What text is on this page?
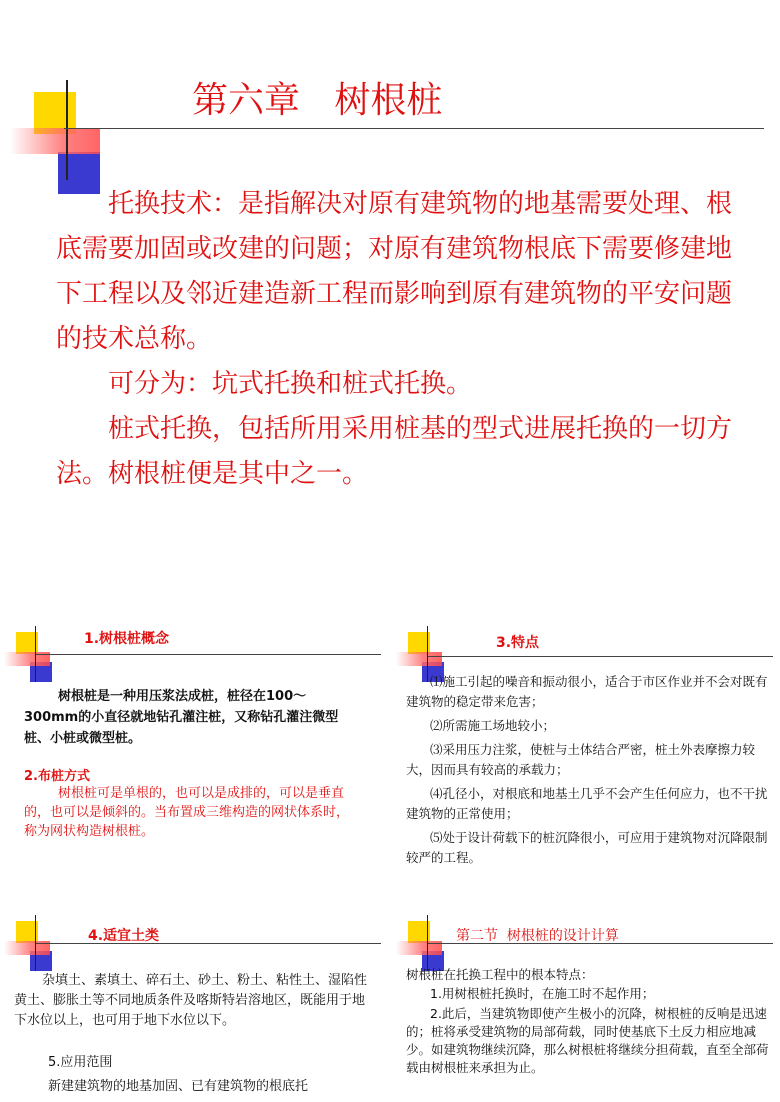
第六章   树根桩

托换技术：是指解决对原有建筑物的地基需要处理、根底需要加固或改建的问题；对原有建筑物根底下需要修建地下工程以及邻近建造新工程而影响到原有建筑物的平安问题的技术总称。

可分为：坑式托换和桩式托换。

桩式托换，包括所用采用桩基的型式进展托换的一切方法。树根桩便是其中之一。

1.树根桩概念

树根桩是一种用压浆法成桩，桩径在100～300mm的小直径就地钻孔灌注桩，又称钻孔灌注微型桩、小桩或微型桩。

2.布桩方式

树根桩可是单根的，也可以是成排的，可以是垂直的，也可以是倾斜的。当布置成三维构造的网状体系时，称为网状构造树根桩。

3.特点

⑴施工引起的噪音和振动很小，适合于市区作业并不会对既有建筑物的稳定带来危害；

⑵所需施工场地较小；

⑶采用压力注浆，使桩与土体结合严密，桩土外表摩擦力较大，因而具有较高的承载力；

⑷孔径小，对根底和地基土几乎不会产生任何应力，也不干扰建筑物的正常使用；

⑸处于设计荷载下的桩沉降很小，可应用于建筑物对沉降限制较严的工程。

4.适宜土类

杂填土、素填土、碎石土、砂土、粉土、粘性土、湿陷性黄土、膨胀土等不同地质条件及喀斯特岩溶地区，既能用于地下水位以上，也可用于地下水位以下。

5.应用范围

新建建筑物的地基加固、已有建筑物的根底托

第二节  树根桩的设计计算

树根桩在托换工程中的根本特点：

1.用树根桩托换时，在施工时不起作用；

2.此后，当建筑物即使产生极小的沉降，树根桩的反响是迅速的；桩将承受建筑物的局部荷载，同时使基底下土反力相应地减少。如建筑物继续沉降，那么树根桩将继续分担荷载，直至全部荷载由树根桩来承担为止。
